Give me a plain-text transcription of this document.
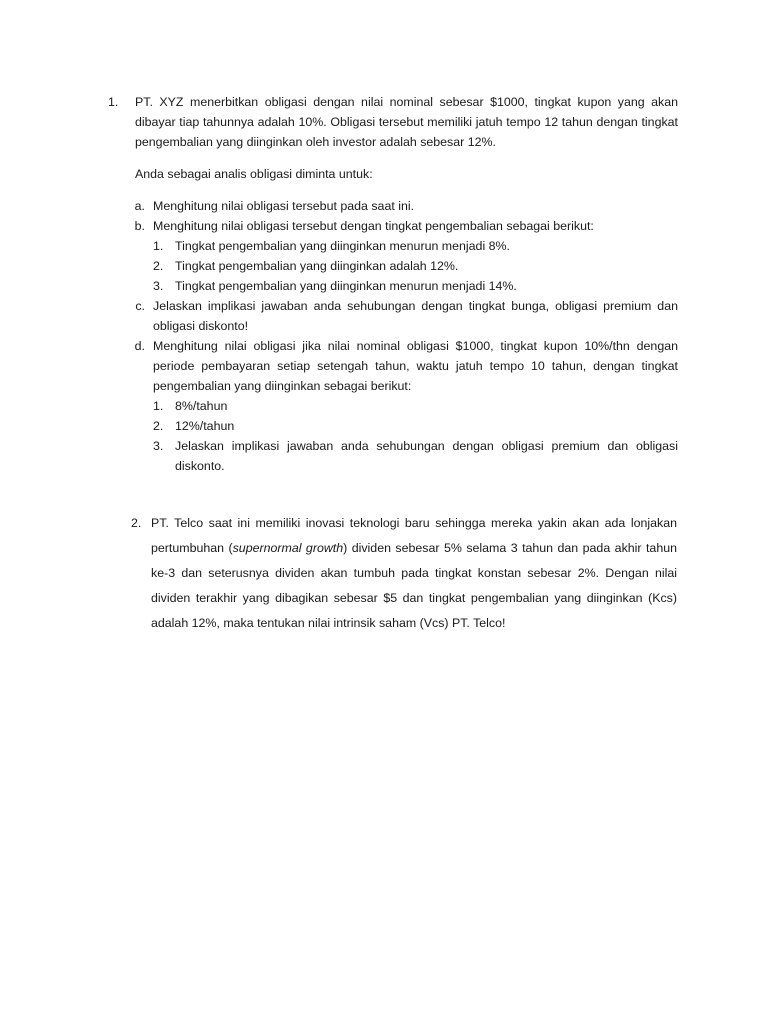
1.	PT. XYZ menerbitkan obligasi dengan nilai nominal sebesar $1000, tingkat kupon yang akan dibayar tiap tahunnya adalah 10%. Obligasi tersebut memiliki jatuh tempo 12 tahun dengan tingkat pengembalian yang diinginkan oleh investor adalah sebesar 12%.
Anda sebagai analis obligasi diminta untuk:
a. Menghitung nilai obligasi tersebut pada saat ini.
b. Menghitung nilai obligasi tersebut dengan tingkat pengembalian sebagai berikut:
1. Tingkat pengembalian yang diinginkan menurun menjadi 8%.
2. Tingkat pengembalian yang diinginkan adalah 12%.
3. Tingkat pengembalian yang diinginkan menurun menjadi 14%.
c. Jelaskan implikasi jawaban anda sehubungan dengan tingkat bunga, obligasi premium dan obligasi diskonto!
d. Menghitung nilai obligasi jika nilai nominal obligasi $1000, tingkat kupon 10%/thn dengan periode pembayaran setiap setengah tahun, waktu jatuh tempo 10 tahun, dengan tingkat pengembalian yang diinginkan sebagai berikut:
1. 8%/tahun
2. 12%/tahun
3. Jelaskan implikasi jawaban anda sehubungan dengan obligasi premium dan obligasi diskonto.
2. PT. Telco saat ini memiliki inovasi teknologi baru sehingga mereka yakin akan ada lonjakan pertumbuhan (supernormal growth) dividen sebesar 5% selama 3 tahun dan pada akhir tahun ke-3 dan seterusnya dividen akan tumbuh pada tingkat konstan sebesar 2%. Dengan nilai dividen terakhir yang dibagikan sebesar $5 dan tingkat pengembalian yang diinginkan (Kcs) adalah 12%, maka tentukan nilai intrinsik saham (Vcs) PT. Telco!
